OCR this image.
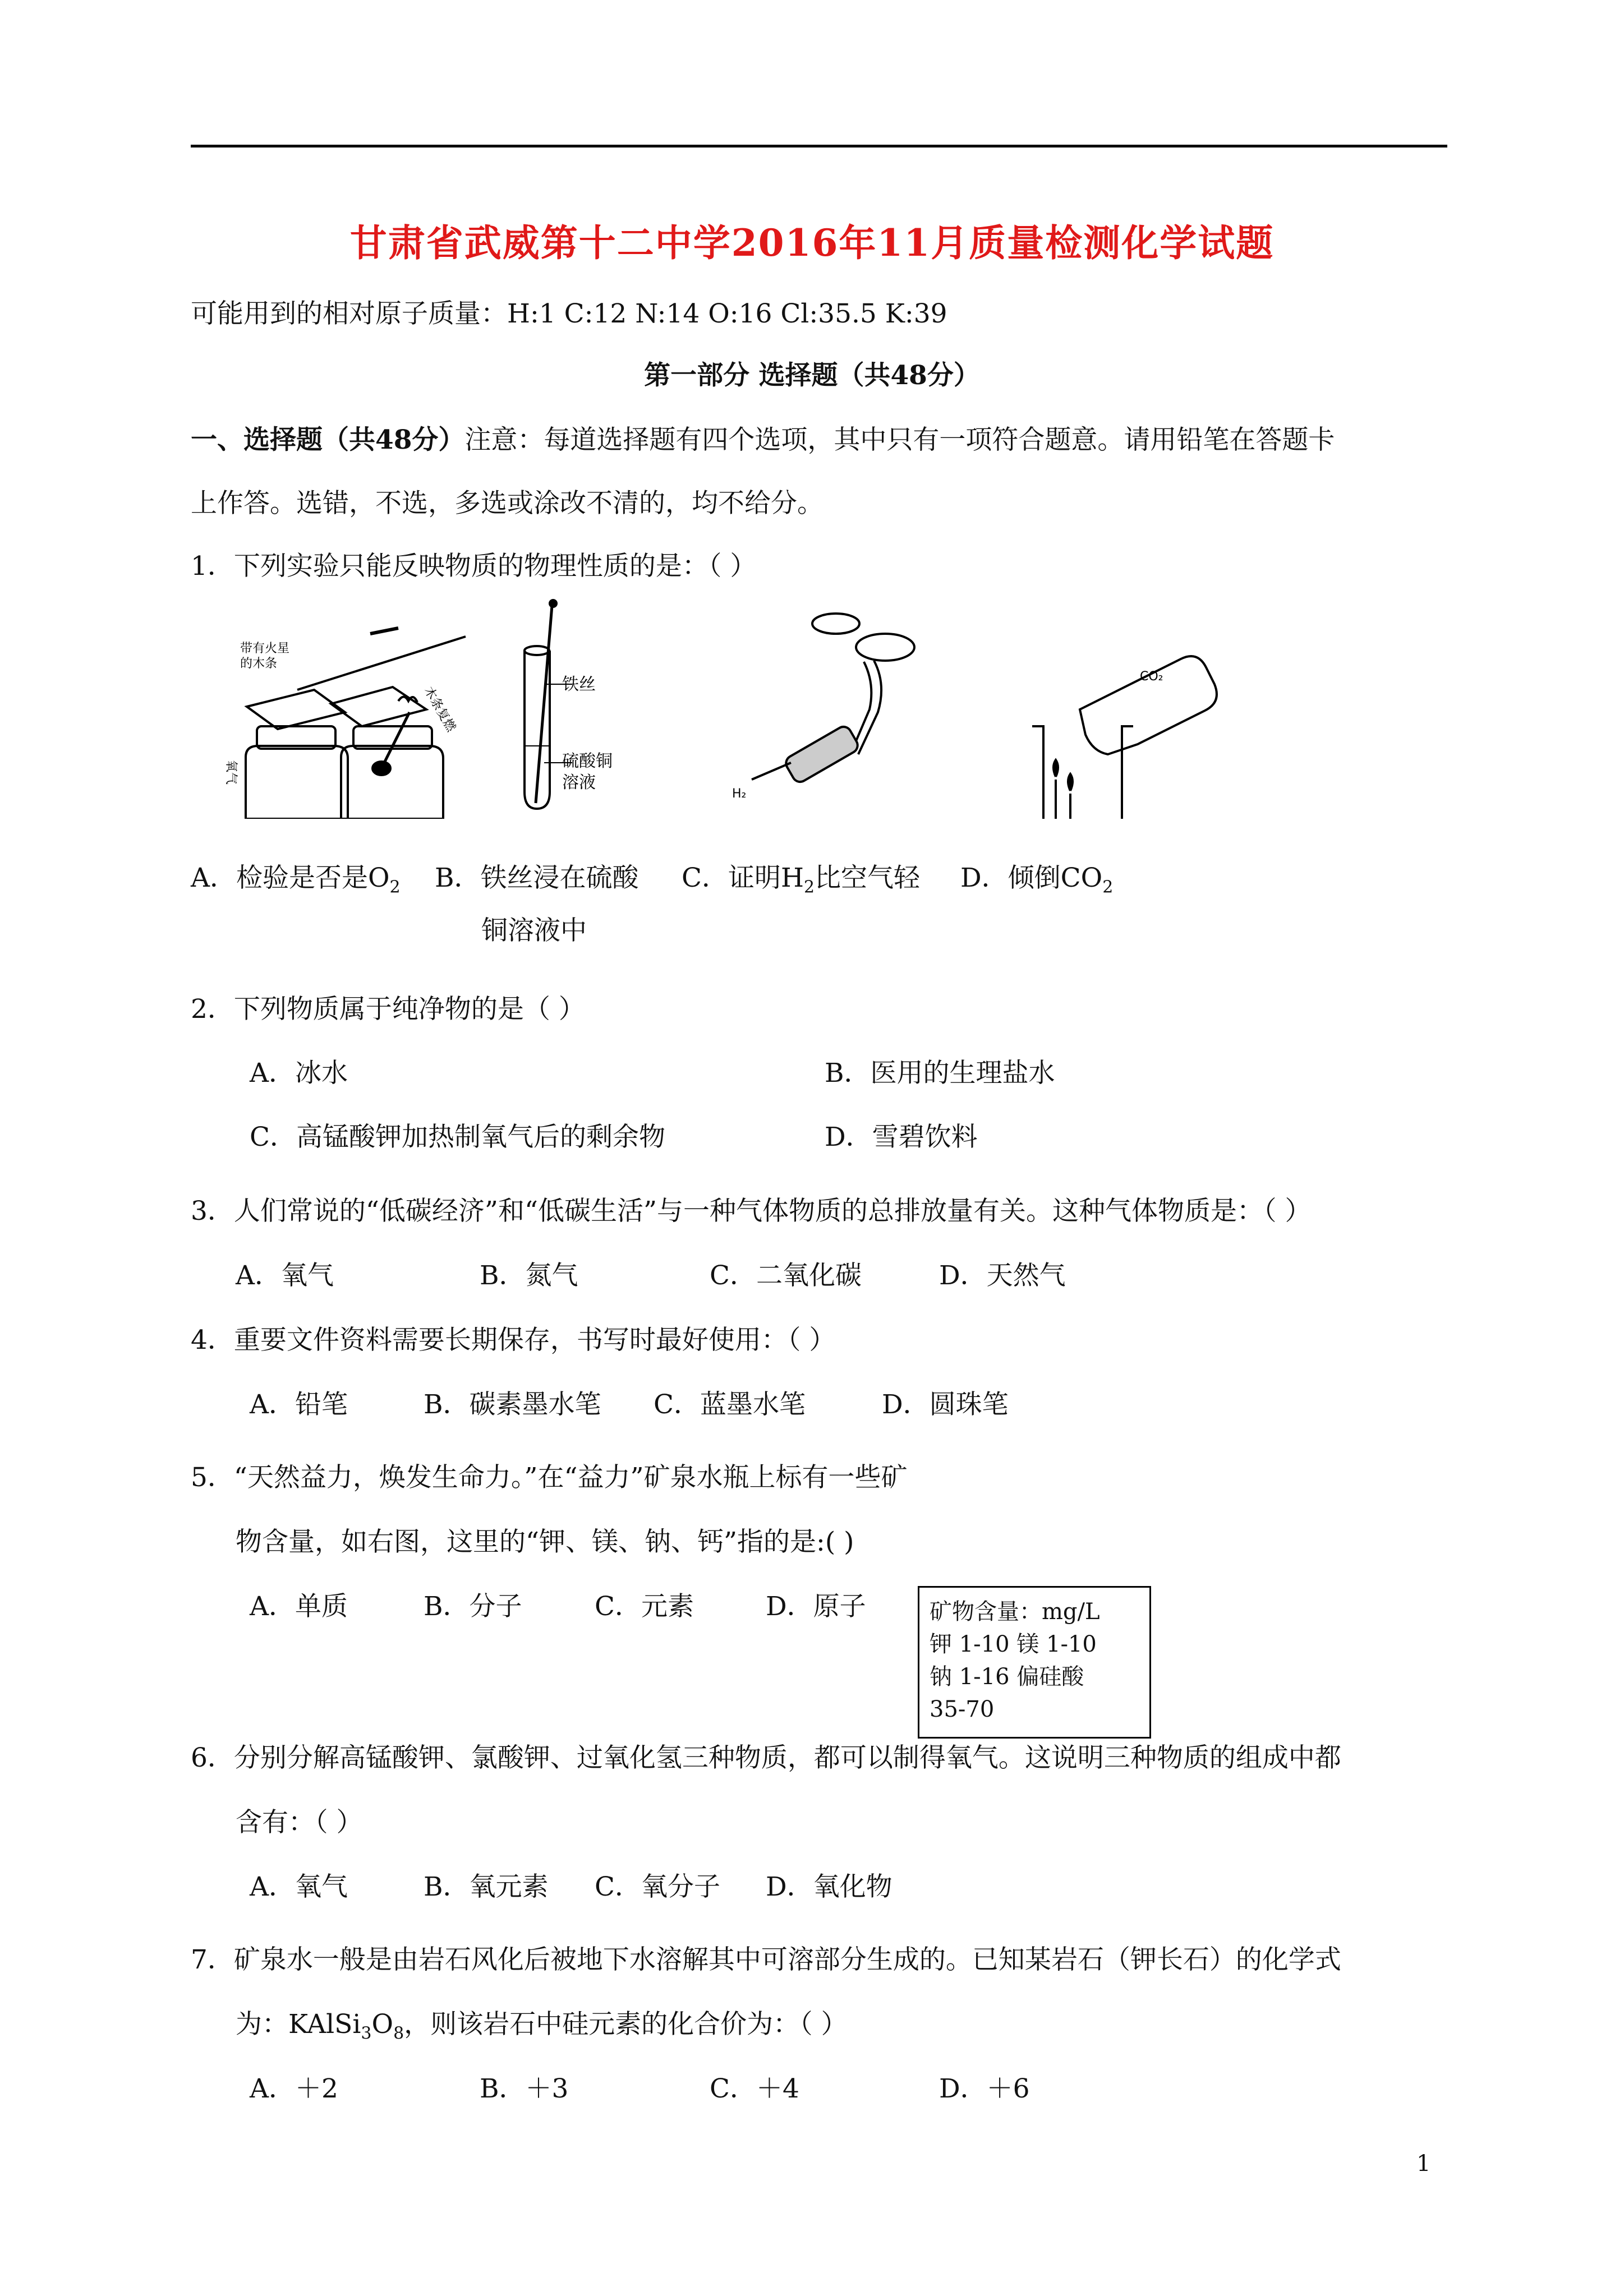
甘肃省武威第十二中学2016年11月质量检测化学试题
可能用到的相对原子质量：H:1 C:12 N:14 O:16 Cl:35.5 K:39
第一部分 选择题（共48分）
一、选择题（共48分）注意：每道选择题有四个选项，其中只有一项符合题意。请用铅笔在答题卡
上作答。选错，不选，多选或涂改不清的，均不给分。
1．下列实验只能反映物质的物理性质的是：（ ）
带有火星
的木条
氧气
木条复燃	铁丝
硫酸铜
溶液
H₂
CO₂
A．检验是否是$O_2$ B．铁丝浸在硫酸
铜溶液中
C．证明$H_2$比空气轻 D．倾倒$CO_2$
2．下列物质属于纯净物的是（ ）
A．冰水	B．医用的生理盐水
C．高锰酸钾加热制氧气后的剩余物	D．雪碧饮料
3．人们常说的“低碳经济”和“低碳生活”与一种气体物质的总排放量有关。这种气体物质是：（ ）
A．氧气	B．氮气	C．二氧化碳	D．天然气
4．重要文件资料需要长期保存，书写时最好使用：（ ）
A．铅笔	B．碳素墨水笔 C．蓝墨水笔	D．圆珠笔
5．“天然益力，焕发生命力。”在“益力”矿泉水瓶上标有一些矿
物含量，如右图，这里的“钾、镁、钠、钙”指的是:( )
A．单质	B．分子	C．元素	D．原子	矿物含量：mg/L
钾 1-10 镁 1-10
钠 1-16 偏硅酸
35-70
6．分别分解高锰酸钾、氯酸钾、过氧化氢三种物质，都可以制得氧气。这说明三种物质的组成中都
含有：（ ）
A．氧气	B．氧元素 C．氧分子 D．氧化物
7．矿泉水一般是由岩石风化后被地下水溶解其中可溶部分生成的。已知某岩石（钾长石）的化学式
为：$KAlSi_3O_8$，则该岩石中硅元素的化合价为：（ ）
A．＋2	B．＋3	C．＋4	D．＋6
1
